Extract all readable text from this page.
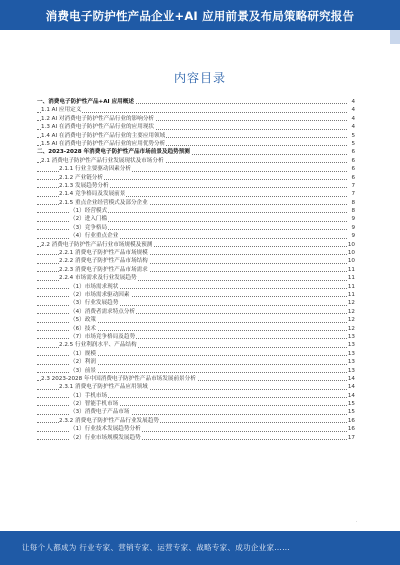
消费电子防护性产品企业+AI 应用前景及布局策略研究报告
内容目录
一、消费电子防护性产品+AI 应用概述	4
1.1 AI 应用定义	4
1.2 AI 对消费电子防护性产品行业的影响分析	4
1.3 AI 在消费电子防护性产品行业的应用现状	4
1.4 AI 在消费电子防护性产品行业的主要应用领域	5
1.5 AI 在消费电子防护性产品行业的应用优势分析	5
二、2023-2028 年消费电子防护性产品市场前景及趋势预测	6
2.1 消费电子防护性产品行业发展现状及市场分析	6
2.1.1 行业主要驱动因素分析	6
2.1.2 产业链分析	6
2.1.3 发展趋势分析	7
2.1.4 竞争格局及发展前景	7
2.1.5 重点企业经营模式及部分企业	8
（1）经营模式	8
（2）进入门槛	9
（3）竞争格局	9
（4）行业重点企业	9
2.2 消费电子防护性产品行业市场规模及预测	10
2.2.1 消费电子防护性产品市场规模	10
2.2.2 消费电子防护性产品市场结构	10
2.2.3 消费电子防护性产品市场需求	11
2.2.4 市场需求及行业发展趋势	11
（1）市场需求现状	11
（2）市场需求驱动因素	11
（3）行业发展趋势	12
（4）消费者需求特点分析	12
（5）政策	12
（6）技术	12
（7）市场竞争格局及趋势	13
2.2.5 行业利润水平、产品结构	13
（1）规模	13
（2）利润	13
（3）前景	13
2.3 2023-2028 年中国消费电子防护性产品市场发展前景分析	14
2.3.1 消费电子防护性产品应用领域	14
（1）手机市场	14
（2）智能手机市场	15
（3）消费电子产品市场	15
2.3.2 消费电子防护性产品行业发展趋势	16
（1）行业技术发展趋势分析	16
（2）行业市场规模发展趋势	17
·
让每个人都成为 行业专家、营销专家、运营专家、战略专家、成功企业家……
